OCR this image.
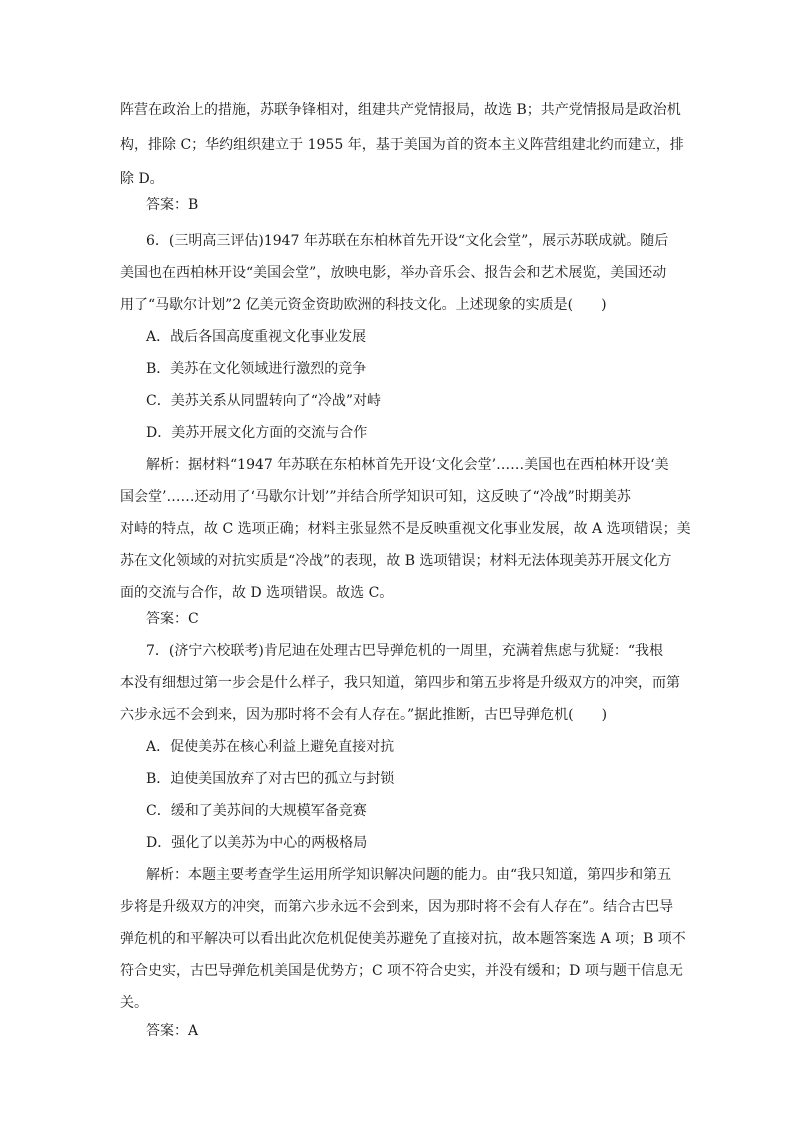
阵营在政治上的措施，苏联争锋相对，组建共产党情报局，故选 B；共产党情报局是政治机
构，排除 C；华约组织建立于 1955 年，基于美国为首的资本主义阵营组建北约而建立，排
除 D。
答案：B
6．(三明高三评估)1947 年苏联在东柏林首先开设“文化会堂”，展示苏联成就。随后
美国也在西柏林开设“美国会堂”，放映电影，举办音乐会、报告会和艺术展览，美国还动
用了“马歇尔计划”2 亿美元资金资助欧洲的科技文化。上述现象的实质是(　　)
A．战后各国高度重视文化事业发展
B．美苏在文化领域进行激烈的竞争
C．美苏关系从同盟转向了“冷战”对峙
D．美苏开展文化方面的交流与合作
解析：据材料“1947 年苏联在东柏林首先开设‘文化会堂’……美国也在西柏林开设‘美
国会堂’……还动用了‘马歇尔计划’”并结合所学知识可知，这反映了“冷战”时期美苏
对峙的特点，故 C 选项正确；材料主张显然不是反映重视文化事业发展，故 A 选项错误；美
苏在文化领域的对抗实质是“冷战”的表现，故 B 选项错误；材料无法体现美苏开展文化方
面的交流与合作，故 D 选项错误。故选 C。
答案：C
7．(济宁六校联考)肯尼迪在处理古巴导弹危机的一周里，充满着焦虑与犹疑：“我根
本没有细想过第一步会是什么样子，我只知道，第四步和第五步将是升级双方的冲突，而第
六步永远不会到来，因为那时将不会有人存在。”据此推断，古巴导弹危机(　　)
A．促使美苏在核心利益上避免直接对抗
B．迫使美国放弃了对古巴的孤立与封锁
C．缓和了美苏间的大规模军备竞赛
D．强化了以美苏为中心的两极格局
解析：本题主要考查学生运用所学知识解决问题的能力。由“我只知道，第四步和第五
步将是升级双方的冲突，而第六步永远不会到来，因为那时将不会有人存在”。结合古巴导
弹危机的和平解决可以看出此次危机促使美苏避免了直接对抗，故本题答案选 A 项；B 项不
符合史实，古巴导弹危机美国是优势方；C 项不符合史实，并没有缓和；D 项与题干信息无
关。
答案：A
